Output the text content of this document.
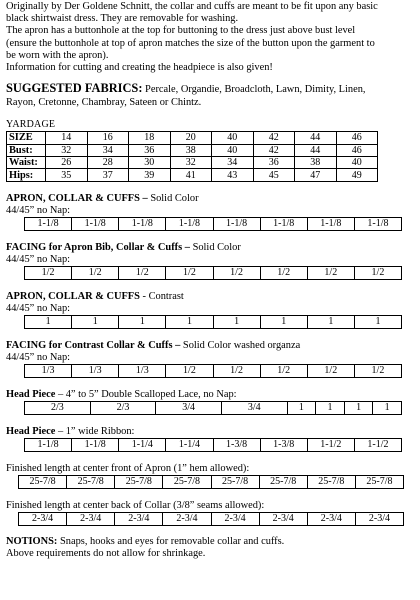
Originally by Der Goldene Schnitt, the collar and cuffs are meant to be fit upon any basic

black shirtwaist dress. They are removable for washing.

The apron has a buttonhole at the top for buttoning to the dress just above bust level

(ensure the buttonhole at top of apron matches the size of the button upon the garment to

be worn with the apron).

Information for cutting and creating the headpiece is also given!

SUGGESTED FABRICS: Percale, Organdie, Broadcloth, Lawn, Dimity, Linen,

Rayon, Cretonne, Chambray, Sateen or Chintz.

YARDAGE
SIZE	14	16	18	20	40	42	44	46
Bust:	32	34	36	38	40	42	44	46
Waist:	26	28	30	32	34	36	38	40
Hips:	35	37	39	41	43	45	47	49
APRON, COLLAR & CUFFS – Solid Color
44/45” no Nap:
1-1/8	1-1/8	1-1/8	1-1/8	1-1/8	1-1/8	1-1/8	1-1/8
FACING for Apron Bib, Collar & Cuffs – Solid Color
44/45” no Nap:
1/2	1/2	1/2	1/2	1/2	1/2	1/2	1/2
APRON, COLLAR & CUFFS - Contrast
44/45” no Nap:
1	1	1	1	1	1	1	1
FACING for Contrast Collar & Cuffs – Solid Color washed organza
44/45” no Nap:
1/3	1/3	1/3	1/2	1/2	1/2	1/2	1/2
Head Piece – 4” to 5” Double Scalloped Lace, no Nap:
2/3	2/3	3/4	3/4	1	1	1	1
Head Piece – 1” wide Ribbon:
1-1/8	1-1/8	1-1/4	1-1/4	1-3/8	1-3/8	1-1/2	1-1/2
Finished length at center front of Apron (1” hem allowed):
25-7/8	25-7/8	25-7/8	25-7/8	25-7/8	25-7/8	25-7/8	25-7/8
Finished length at center back of Collar (3/8” seams allowed):
2-3/4	2-3/4	2-3/4	2-3/4	2-3/4	2-3/4	2-3/4	2-3/4

NOTIONS: Snaps, hooks and eyes for removable collar and cuffs.

Above requirements do not allow for shrinkage.
